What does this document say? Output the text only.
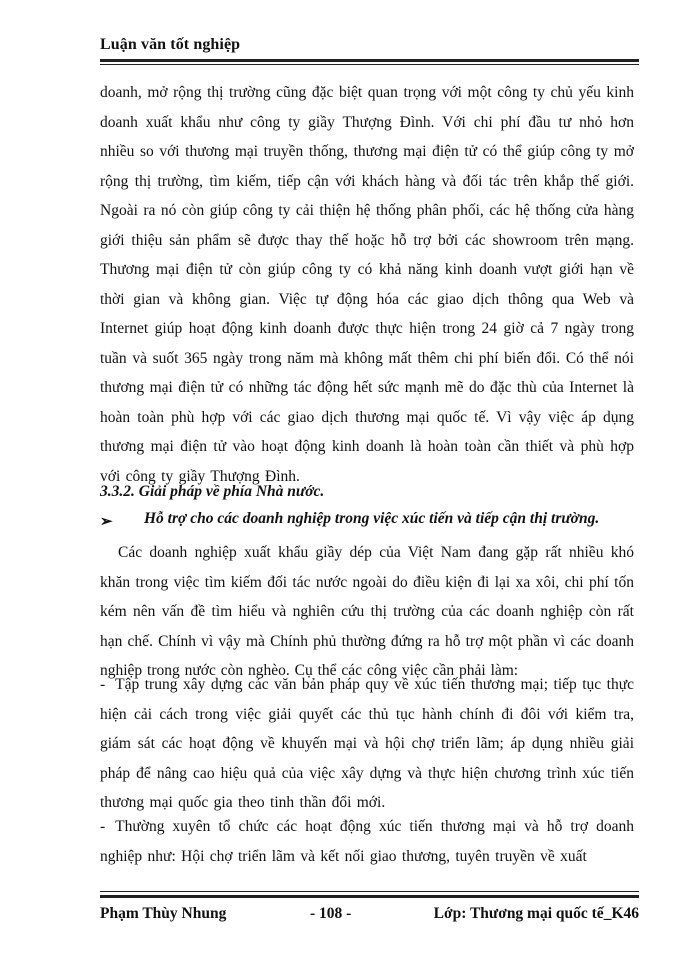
Luận văn tốt nghiệp
doanh, mở rộng thị trường cũng đặc biệt quan trọng với một công ty chủ yếu kinh doanh xuất khẩu như công ty giầy Thượng Đình. Với chi phí đầu tư nhỏ hơn nhiều so với thương mại truyền thống, thương mại điện tử có thể giúp công ty mở rộng thị trường, tìm kiếm, tiếp cận với khách hàng và đối tác trên khắp thế giới. Ngoài ra nó còn giúp công ty cải thiện hệ thống phân phối, các hệ thống cửa hàng giới thiệu sản phẩm sẽ được thay thế hoặc hỗ trợ bởi các showroom trên mạng. Thương mại điện tử còn giúp công ty có khả năng kinh doanh vượt giới hạn về thời gian và không gian. Việc tự động hóa các giao dịch thông qua Web và Internet giúp hoạt động kinh doanh được thực hiện trong 24 giờ cả 7 ngày trong tuần và suốt 365 ngày trong năm mà không mất thêm chi phí biến đổi. Có thể nói thương mại điện tử có những tác động hết sức mạnh mẽ do đặc thù của Internet là hoàn toàn phù hợp với các giao dịch thương mại quốc tế. Vì vậy việc áp dụng thương mại điện tử vào hoạt động kinh doanh là hoàn toàn cần thiết và phù hợp với công ty giầy Thượng Đình.
3.3.2. Giải pháp về phía Nhà nước.
➢ Hỗ trợ cho các doanh nghiệp trong việc xúc tiến và tiếp cận thị trường.
Các doanh nghiệp xuất khẩu giầy dép của Việt Nam đang gặp rất nhiều khó khăn trong việc tìm kiếm đối tác nước ngoài do điều kiện đi lại xa xôi, chi phí tốn kém nên vấn đề tìm hiểu và nghiên cứu thị trường của các doanh nghiệp còn rất hạn chế. Chính vì vậy mà Chính phủ thường đứng ra hỗ trợ một phần vì các doanh nghiệp trong nước còn nghèo. Cụ thể các công việc cần phải làm:
- Tập trung xây dựng các văn bản pháp quy về xúc tiến thương mại; tiếp tục thực hiện cải cách trong việc giải quyết các thủ tục hành chính đi đôi với kiểm tra, giám sát các hoạt động về khuyến mại và hội chợ triển lãm; áp dụng nhiều giải pháp để nâng cao hiệu quả của việc xây dựng và thực hiện chương trình xúc tiến thương mại quốc gia theo tinh thần đổi mới.
- Thường xuyên tổ chức các hoạt động xúc tiến thương mại và hỗ trợ doanh nghiệp như: Hội chợ triển lãm và kết nối giao thương, tuyên truyền về xuất
Phạm Thùy Nhung	- 108 -	Lớp: Thương mại quốc tế_K46
